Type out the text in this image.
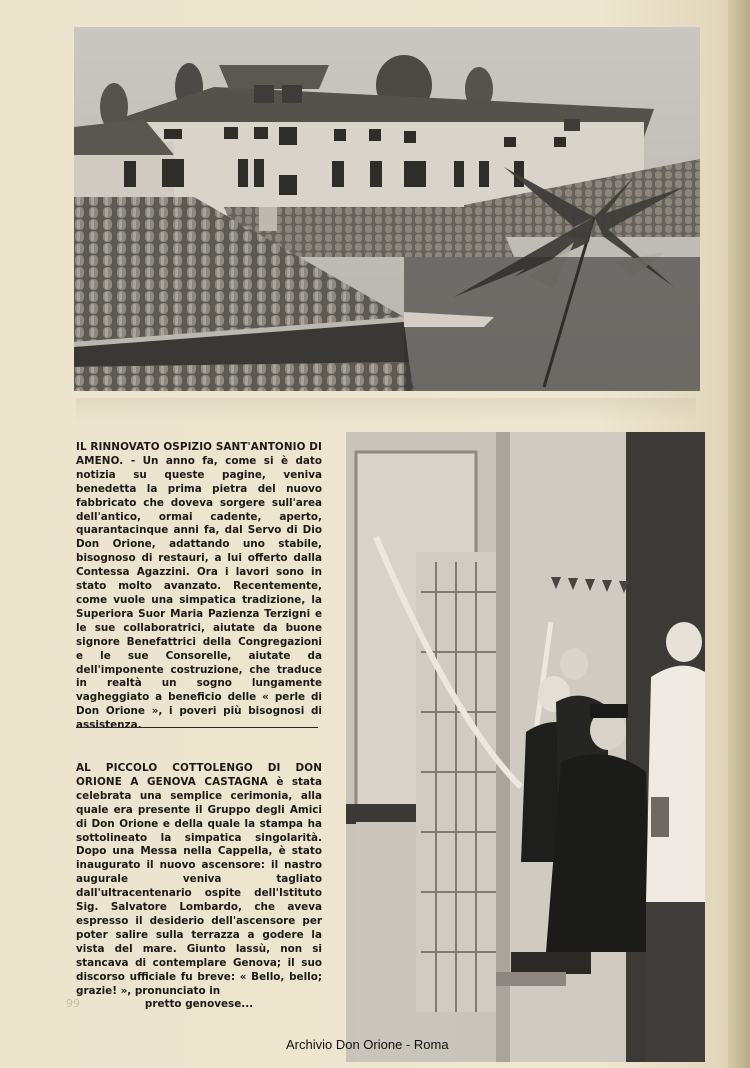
IL RINNOVATO OSPIZIO SANT'ANTONIO DI AMENO. - Un anno fa, come si è dato notizia su queste pagine, veniva benedetta la prima pietra del nuovo fabbricato che doveva sorgere sull'area dell'antico, ormai cadente, aperto, quarantacinque anni fa, dal Servo di Dio Don Orione, adattando uno stabile, bisognoso di restauri, a lui offerto dalla Contessa Agazzini. Ora i lavori sono in stato molto avanzato. Recentemente, come vuole una simpatica tradizione, la Superiora Suor Maria Pazienza Terzigni e le sue collaboratrici, aiutate da buone signore Benefattrici della Congregazioni e le sue Consorelle, aiutate da dell'imponente costruzione, che traduce in realtà un sogno lungamente vagheggiato a beneficio delle « perle di Don Orione », i poveri più bisognosi di assistenza.
AL PICCOLO COTTOLENGO DI DON ORIONE A GENOVA CASTAGNA è stata celebrata una semplice cerimonia, alla quale era presente il Gruppo degli Amici di Don Orione e della quale la stampa ha sottolineato la simpatica singolarità. Dopo una Messa nella Cappella, è stato inaugurato il nuovo ascensore: il nastro augurale veniva tagliato dall'ultracentenario ospite dell'Istituto Sig. Salvatore Lombardo, che aveva espresso il desiderio dell'ascensore per poter salire sulla terrazza a godere la vista del mare. Giunto lassù, non si stancava di contemplare Genova; il suo discorso ufficiale fu breve: « Bello, bello; grazie! », pronunciato in
pretto genovese...
99
Archivio Don Orione - Roma
